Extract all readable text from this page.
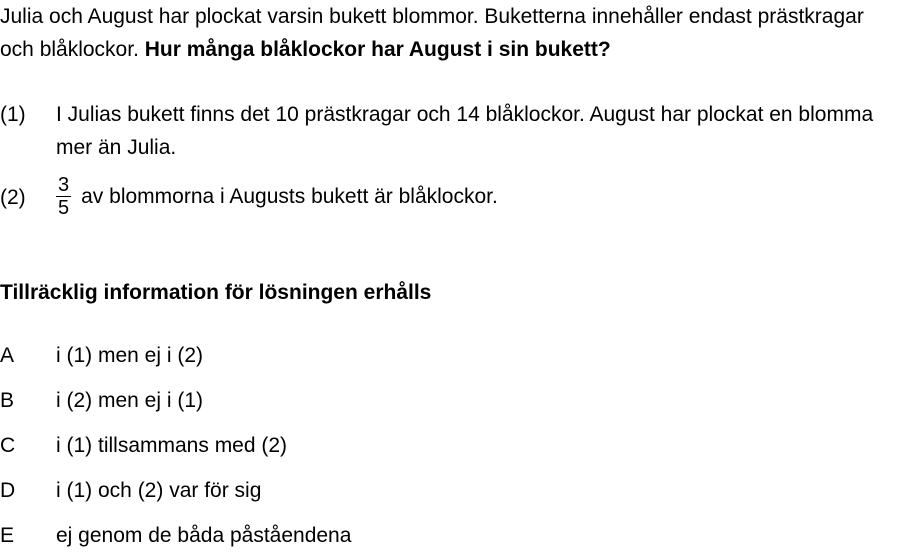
Julia och August har plockat varsin bukett blommor. Buketterna innehåller endast prästkragar och blåklockor. Hur många blåklockor har August i sin bukett?
(1) I Julias bukett finns det 10 prästkragar och 14 blåklockor. August har plockat en blomma mer än Julia.
$(2) \frac{3}{5}$ av blommorna i Augusts bukett är blåklockor.
Tillräcklig information för lösningen erhålls
A i (1) men ej i (2)
B i (2) men ej i (1)
C i (1) tillsammans med (2)
D i (1) och (2) var för sig
E ej genom de båda påståendena
